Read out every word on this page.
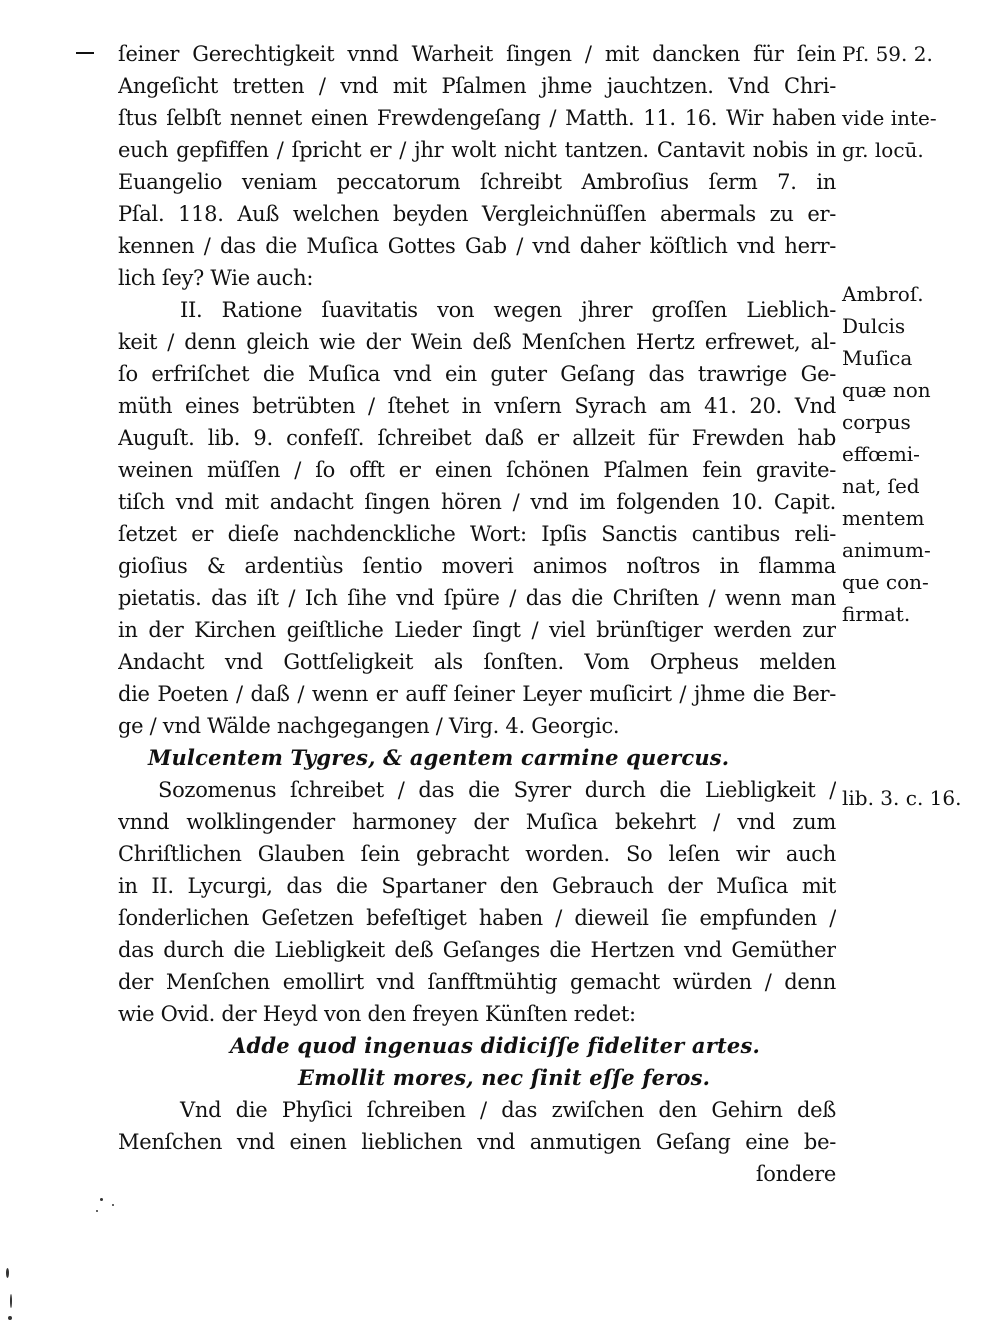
ſeiner Gerechtigkeit vnnd Warheit ſingen / mit dancken für ſein
Angeſicht tretten / vnd mit Pſalmen jhme jauchtzen. Vnd Chri-
ſtus ſelbſt nennet einen Frewdengeſang / Matth. 11. 16. Wir haben
euch gepfiffen / ſpricht er / jhr wolt nicht tantzen. Cantavit nobis in
Euangelio veniam peccatorum ſchreibt Ambroſius ſerm 7. in
Pſal. 118. Auß welchen beyden Vergleichnüſſen abermals zu er-
kennen / das die Muſica Gottes Gab / vnd daher köſtlich vnd herr-
lich ſey? Wie auch:
II. Ratione ſuavitatis von wegen jhrer groſſen Lieblich-
keit / denn gleich wie der Wein deß Menſchen Hertz erfrewet, al-
ſo erfriſchet die Muſica vnd ein guter Geſang das trawrige Ge-
müth eines betrübten / ſtehet in vnſern Syrach am 41. 20. Vnd
Auguſt. lib. 9. confeſſ. ſchreibet daß er allzeit für Frewden hab
weinen müſſen / ſo offt er einen ſchönen Pſalmen fein gravite-
tiſch vnd mit andacht ſingen hören / vnd im folgenden 10. Capit.
ſetzet er dieſe nachdenckliche Wort: Ipſis Sanctis cantibus reli-
gioſius & ardentiùs ſentio moveri animos noſtros in flamma
pietatis. das iſt / Ich ſihe vnd ſpüre / das die Chriſten / wenn man
in der Kirchen geiſtliche Lieder ſingt / viel brünſtiger werden zur
Andacht vnd Gottſeligkeit als ſonſten. Vom Orpheus melden
die Poeten / daß / wenn er auff ſeiner Leyer muſicirt / jhme die Ber-
ge / vnd Wälde nachgegangen / Virg. 4. Georgic.
Mulcentem Tygres, & agentem carmine quercus.
Sozomenus ſchreibet / das die Syrer durch die Liebligkeit /
vnnd wolklingender harmoney der Muſica bekehrt / vnd zum
Chriſtlichen Glauben ſein gebracht worden. So leſen wir auch
in II. Lycurgi, das die Spartaner den Gebrauch der Muſica mit
ſonderlichen Geſetzen befeſtiget haben / dieweil ſie empfunden /
das durch die Liebligkeit deß Geſanges die Hertzen vnd Gemüther
der Menſchen emollirt vnd ſanfftmühtig gemacht würden / denn
wie Ovid. der Heyd von den freyen Künſten redet:
Adde quod ingenuas didiciſſe fideliter artes.
Emollit mores, nec ſinit eſſe feros.
Vnd die Phyſici ſchreiben / das zwiſchen den Gehirn deß
Menſchen vnd einen lieblichen vnd anmutigen Geſang eine be-
ſondere
Pſ. 59. 2.
vide inte-
gr. locū.
Ambroſ.
Dulcis
Muſica
quæ non
corpus
effœmi-
nat, ſed
mentem
animum-
que con-
firmat.
lib. 3. c. 16.
